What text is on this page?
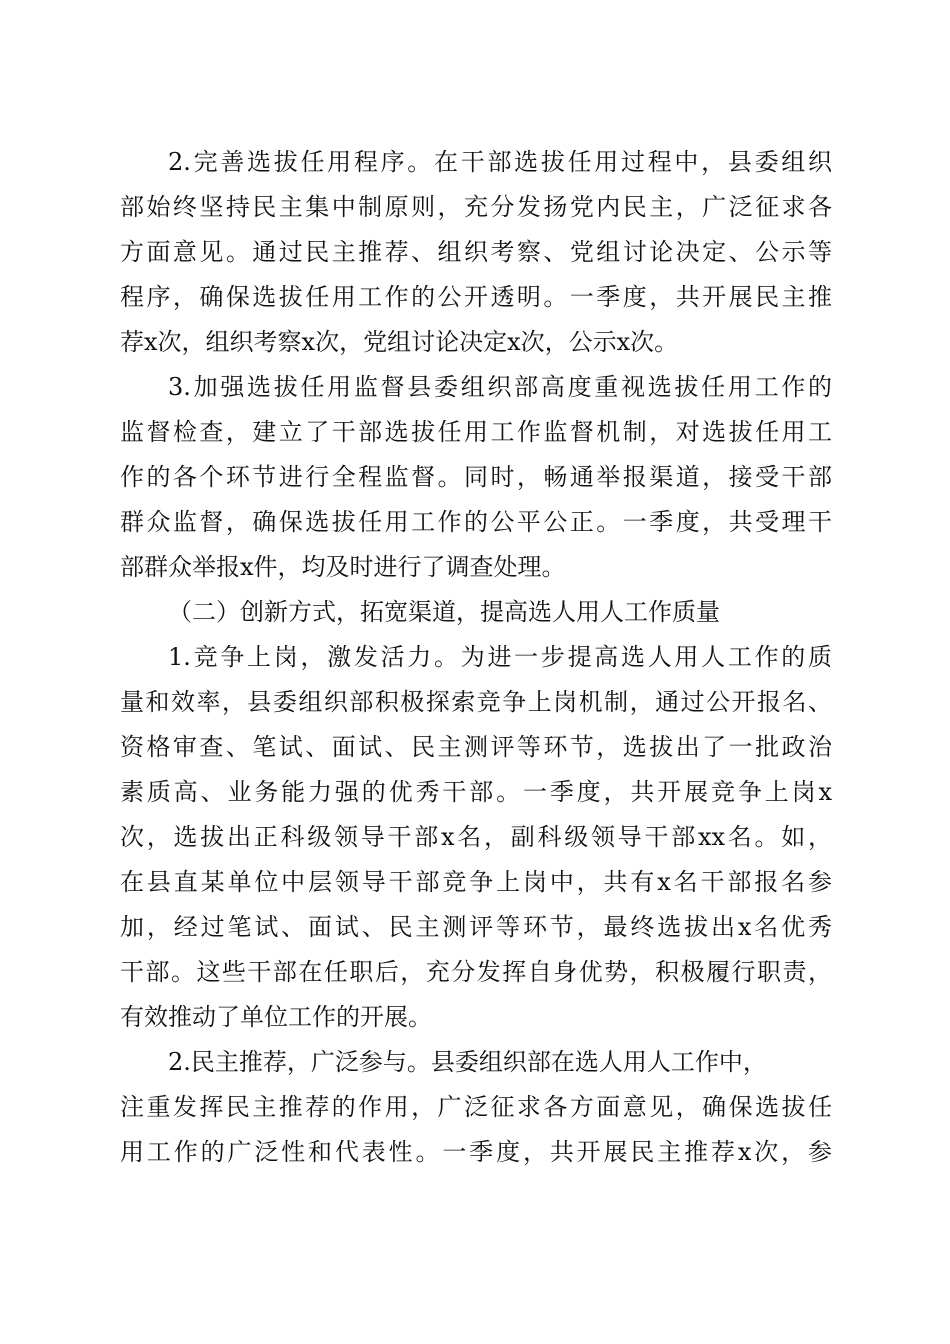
2.完善选拔任用程序。在干部选拔任用过程中，县委组织
部始终坚持民主集中制原则，充分发扬党内民主，广泛征求各
方面意见。通过民主推荐、组织考察、党组讨论决定、公示等
程序，确保选拔任用工作的公开透明。一季度，共开展民主推
荐x次，组织考察x次，党组讨论决定x次，公示x次。
3.加强选拔任用监督县委组织部高度重视选拔任用工作的
监督检查，建立了干部选拔任用工作监督机制，对选拔任用工
作的各个环节进行全程监督。同时，畅通举报渠道，接受干部
群众监督，确保选拔任用工作的公平公正。一季度，共受理干
部群众举报x件，均及时进行了调查处理。
（二）创新方式，拓宽渠道，提高选人用人工作质量
1.竞争上岗，激发活力。为进一步提高选人用人工作的质
量和效率，县委组织部积极探索竞争上岗机制，通过公开报名、
资格审查、笔试、面试、民主测评等环节，选拔出了一批政治
素质高、业务能力强的优秀干部。一季度，共开展竞争上岗x
次，选拔出正科级领导干部x名，副科级领导干部xx名。如，
在县直某单位中层领导干部竞争上岗中，共有x名干部报名参
加，经过笔试、面试、民主测评等环节，最终选拔出x名优秀
干部。这些干部在任职后，充分发挥自身优势，积极履行职责，
有效推动了单位工作的开展。
2.民主推荐，广泛参与。县委组织部在选人用人工作中，
注重发挥民主推荐的作用，广泛征求各方面意见，确保选拔任
用工作的广泛性和代表性。一季度，共开展民主推荐x次，参
